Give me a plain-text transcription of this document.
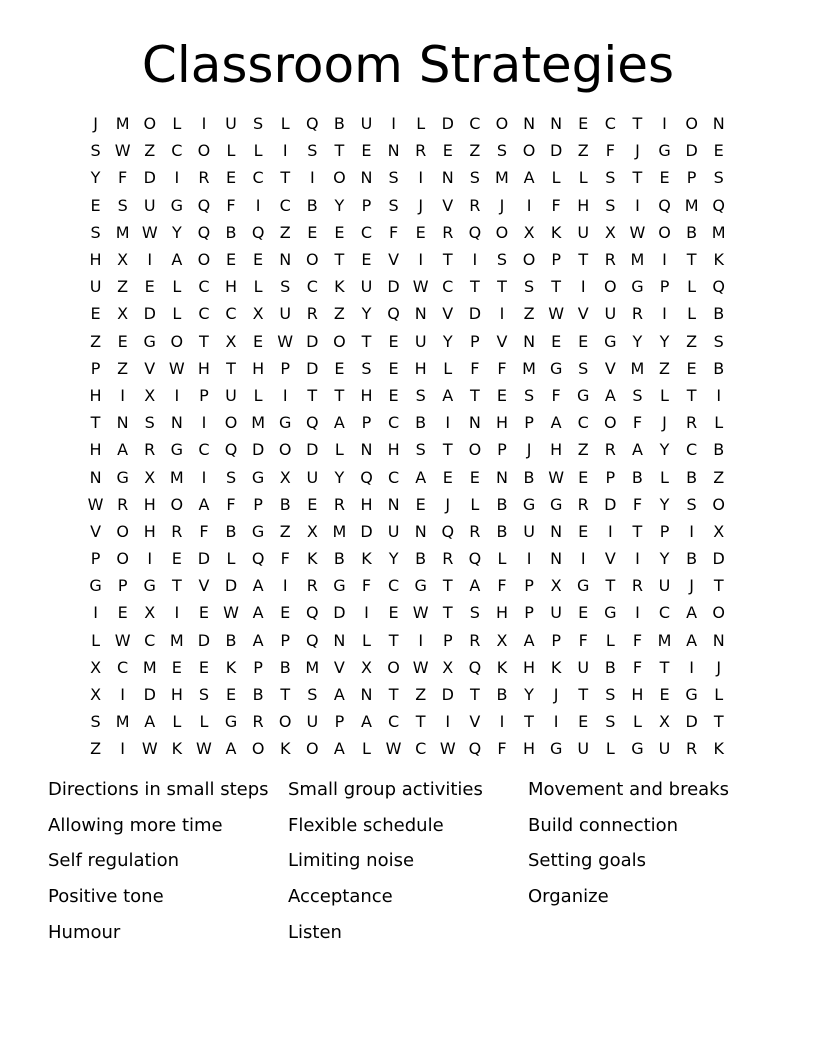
Classroom Strategies
J	M O	L	I	U	S	L	Q B U	I	L	D C O N N	E	C	T	I	O N
S W Z	C O	L	L	I	S	T	E	N R	E	Z	S O D Z	F	J	G D E
Y	F	D	I	R	E	C	T	I	O N	S	I	N	S M A	L	L	S	T	E	P	S
E	S	U G Q	F	I	C	B	Y	P	S	J	V	R	J	I	F	H	S	I	Q M Q
S M W Y Q B Q Z	E	E	C	F	E	R Q O X	K U X W O B M
H X	I	A O E	E	N O T	E	V	I	T	I	S O P	T	R M	I	T	K
U Z	E	L	C H	L	S	C	K U D W C	T	T	S	T	I	O G	P	L	Q
E	X D	L	C C	X U R	Z	Y Q N V D	I	Z W V U R	I	L	B
Z	E G O T	X	E W D O T	E	U	Y	P	V N	E	E G	Y	Y	Z	S
P	Z	V W H	T	H	P	D E	S	E	H	L	F	F M G S	V M Z	E	B
H	I	X	I	P	U	L	I	T	T	H	E	S	A	T	E	S	F	G A	S	L	T	I
T	N	S	N	I	O M G Q A	P	C	B	I	N H	P	A	C O	F	J	R	L
H A	R G C Q D O D	L	N H	S	T O P	J	H Z	R	A	Y	C	B
N G X M	I	S G X U	Y Q C	A	E	E	N B W E	P	B	L	B	Z
W R H O A	F	P	B	E	R H N	E	J	L	B G G R D	F	Y	S O
V O H R	F	B G Z	X M D U N Q R	B U N	E	I	T	P	I	X
P O	I	E D	L	Q	F	K	B	K	Y	B	R Q	L	I	N	I	V	I	Y	B D
G	P	G	T	V D A	I	R G	F	C G	T	A	F	P	X G	T	R U	J	T
I	E	X	I	E W A	E Q D	I	E W T	S	H	P	U	E G	I	C	A O
L W C M D B	A	P Q N	L	T	I	P	R	X	A	P	F	L	F M A N
X	C M E	E	K	P	B M V	X O W X Q K H K U B	F	T	I	J
X	I	D H	S	E	B	T	S	A N	T	Z D	T	B	Y	J	T	S	H	E G	L
S M A	L	L	G R O U	P	A	C	T	I	V	I	T	I	E	S	L	X D	T
Z	I	W K W A O K O A	L W C W Q	F	H G U	L	G U R	K
Directions in small steps	Small group activities	Movement and breaks
Allowing more time	Flexible schedule	Build connection
Self regulation	Limiting noise	Setting goals
Positive tone	Acceptance	Organize
Humour	Listen
